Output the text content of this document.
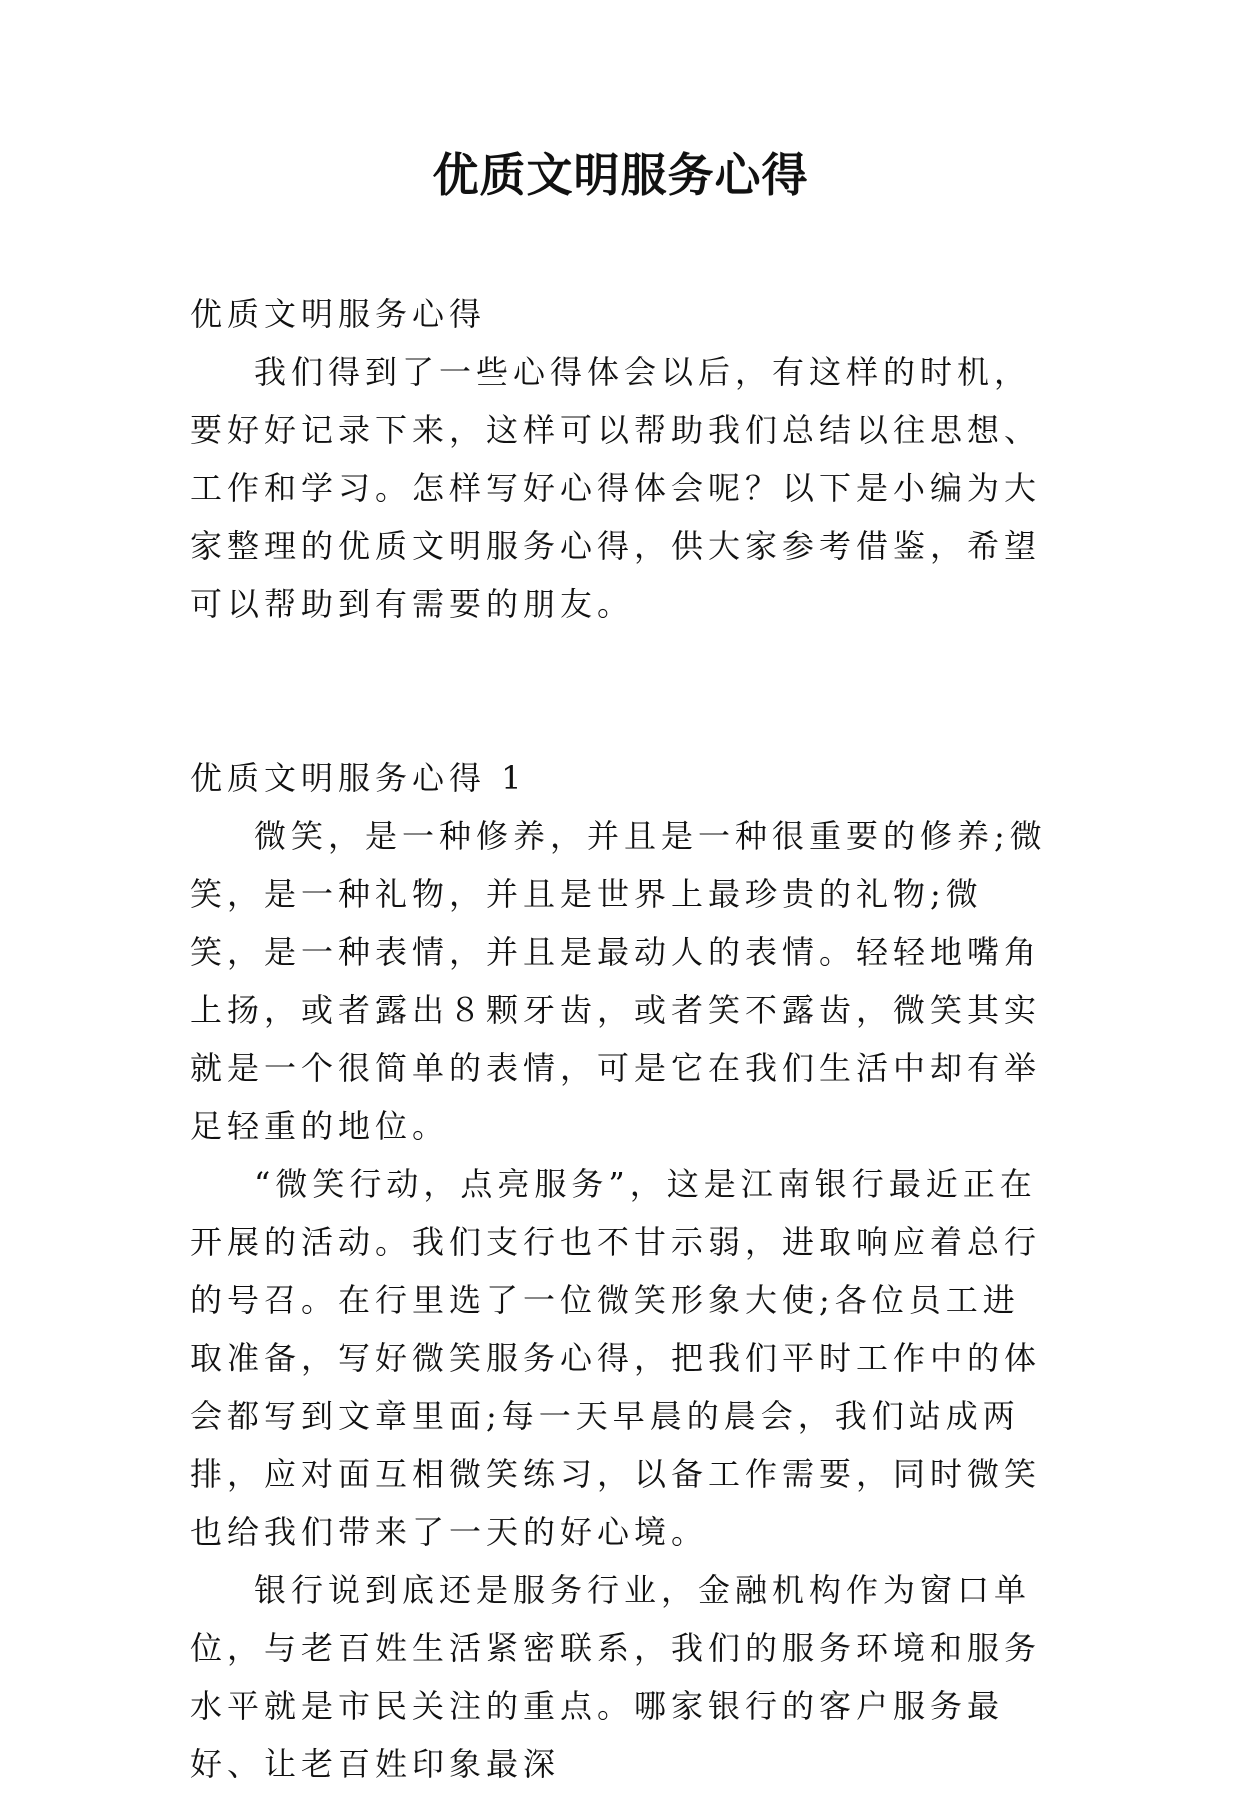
优质文明服务心得

优质文明服务心得

我们得到了一些心得体会以后，有这样的时机，要好好记录下来，这样可以帮助我们总结以往思想、工作和学习。怎样写好心得体会呢？以下是小编为大家整理的优质文明服务心得，供大家参考借鉴，希望可以帮助到有需要的朋友。

优质文明服务心得 1

微笑，是一种修养，并且是一种很重要的修养;微笑，是一种礼物，并且是世界上最珍贵的礼物;微笑，是一种表情，并且是最动人的表情。轻轻地嘴角上扬，或者露出８颗牙齿，或者笑不露齿，微笑其实就是一个很简单的表情，可是它在我们生活中却有举足轻重的地位。

“微笑行动，点亮服务”，这是江南银行最近正在开展的活动。我们支行也不甘示弱，进取响应着总行的号召。在行里选了一位微笑形象大使;各位员工进取准备，写好微笑服务心得，把我们平时工作中的体会都写到文章里面;每一天早晨的晨会，我们站成两排，应对面互相微笑练习，以备工作需要，同时微笑也给我们带来了一天的好心境。

银行说到底还是服务行业，金融机构作为窗口单位，与老百姓生活紧密联系，我们的服务环境和服务水平就是市民关注的重点。哪家银行的客户服务最好、让老百姓印象最深
